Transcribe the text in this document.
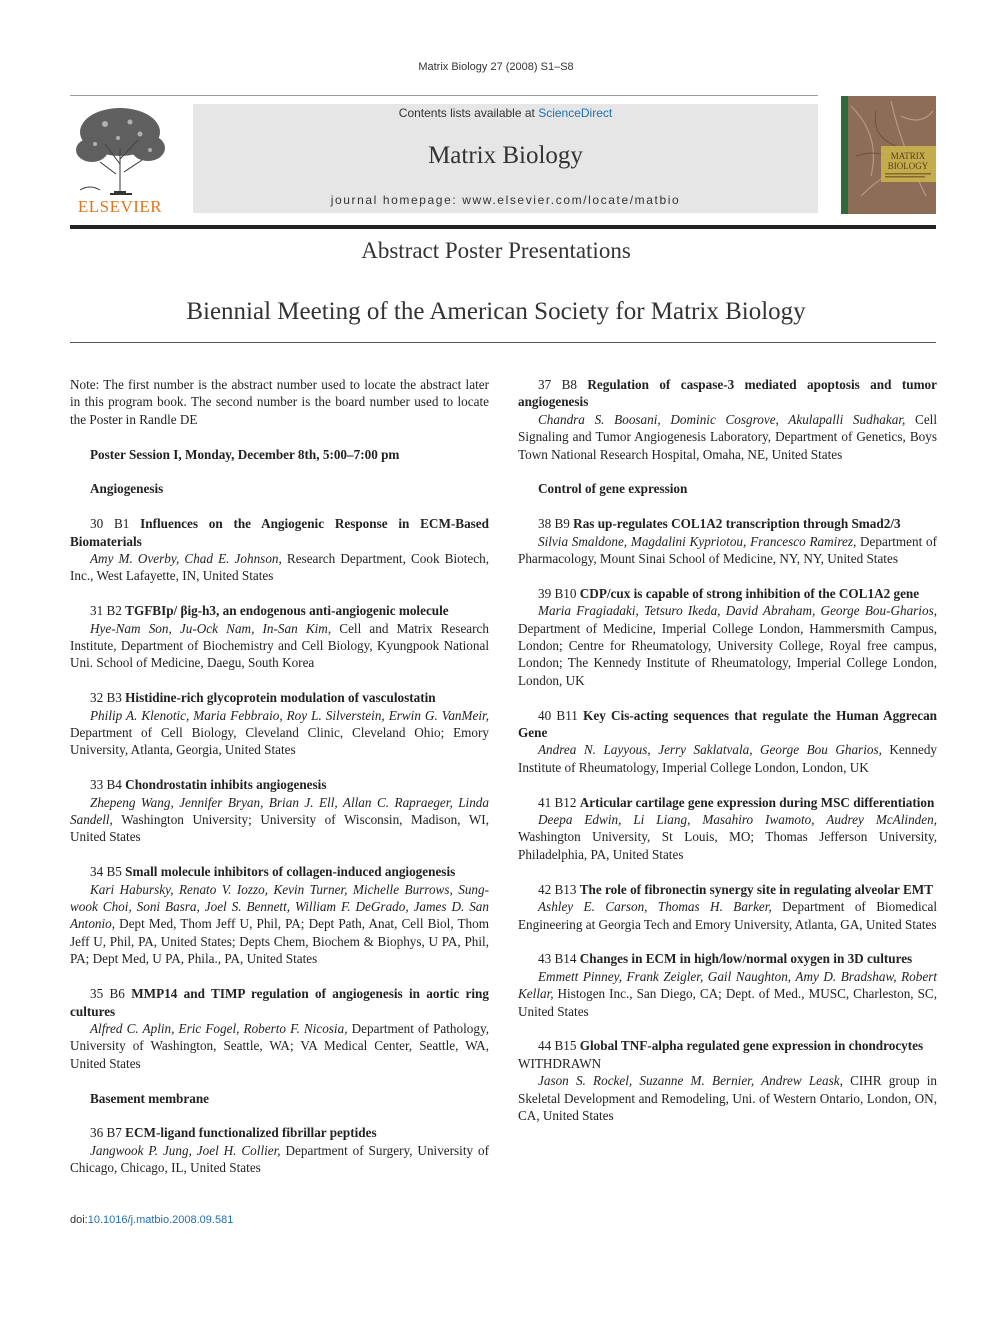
Matrix Biology 27 (2008) S1–S8
ELSEVIER
Contents lists available at ScienceDirect
Matrix Biology
journal homepage: www.elsevier.com/locate/matbio
MATRIX
BIOLOGY
Abstract Poster Presentations
Biennial Meeting of the American Society for Matrix Biology

Note: The first number is the abstract number used to locate the abstract later in this program book. The second number is the board number used to locate the Poster in Randle DE

Poster Session I, Monday, December 8th, 5:00–7:00 pm
Angiogenesis
30 B1 Influences on the Angiogenic Response in ECM-Based Biomaterials
Amy M. Overby, Chad E. Johnson, Research Department, Cook Biotech, Inc., West Lafayette, IN, United States
31 B2 TGFBIp/ βig-h3, an endogenous anti-angiogenic molecule
Hye-Nam Son, Ju-Ock Nam, In-San Kim, Cell and Matrix Research Institute, Department of Biochemistry and Cell Biology, Kyungpook National Uni. School of Medicine, Daegu, South Korea
32 B3 Histidine-rich glycoprotein modulation of vasculostatin
Philip A. Klenotic, Maria Febbraio, Roy L. Silverstein, Erwin G. VanMeir, Department of Cell Biology, Cleveland Clinic, Cleveland Ohio; Emory University, Atlanta, Georgia, United States
33 B4 Chondrostatin inhibits angiogenesis
Zhepeng Wang, Jennifer Bryan, Brian J. Ell, Allan C. Rapraeger, Linda Sandell, Washington University; University of Wisconsin, Madison, WI, United States
34 B5 Small molecule inhibitors of collagen-induced angiogenesis
Kari Habursky, Renato V. Iozzo, Kevin Turner, Michelle Burrows, Sung-wook Choi, Soni Basra, Joel S. Bennett, William F. DeGrado, James D. San Antonio, Dept Med, Thom Jeff U, Phil, PA; Dept Path, Anat, Cell Biol, Thom Jeff U, Phil, PA, United States; Depts Chem, Biochem & Biophys, U PA, Phil, PA; Dept Med, U PA, Phila., PA, United States
35 B6 MMP14 and TIMP regulation of angiogenesis in aortic ring cultures
Alfred C. Aplin, Eric Fogel, Roberto F. Nicosia, Department of Pathology, University of Washington, Seattle, WA; VA Medical Center, Seattle, WA, United States
Basement membrane
36 B7 ECM-ligand functionalized fibrillar peptides
Jangwook P. Jung, Joel H. Collier, Department of Surgery, University of Chicago, Chicago, IL, United States
37 B8 Regulation of caspase-3 mediated apoptosis and tumor angiogenesis
Chandra S. Boosani, Dominic Cosgrove, Akulapalli Sudhakar, Cell Signaling and Tumor Angiogenesis Laboratory, Department of Genetics, Boys Town National Research Hospital, Omaha, NE, United States
Control of gene expression
38 B9 Ras up-regulates COL1A2 transcription through Smad2/3
Silvia Smaldone, Magdalini Kypriotou, Francesco Ramirez, Department of Pharmacology, Mount Sinai School of Medicine, NY, NY, United States
39 B10 CDP/cux is capable of strong inhibition of the COL1A2 gene
Maria Fragiadaki, Tetsuro Ikeda, David Abraham, George Bou-Gharios, Department of Medicine, Imperial College London, Hammersmith Campus, London; Centre for Rheumatology, University College, Royal free campus, London; The Kennedy Institute of Rheumatology, Imperial College London, London, UK
40 B11 Key Cis-acting sequences that regulate the Human Aggrecan Gene
Andrea N. Layyous, Jerry Saklatvala, George Bou Gharios, Kennedy Institute of Rheumatology, Imperial College London, London, UK
41 B12 Articular cartilage gene expression during MSC differentiation
Deepa Edwin, Li Liang, Masahiro Iwamoto, Audrey McAlinden, Washington University, St Louis, MO; Thomas Jefferson University, Philadelphia, PA, United States
42 B13 The role of fibronectin synergy site in regulating alveolar EMT
Ashley E. Carson, Thomas H. Barker, Department of Biomedical Engineering at Georgia Tech and Emory University, Atlanta, GA, United States
43 B14 Changes in ECM in high/low/normal oxygen in 3D cultures
Emmett Pinney, Frank Zeigler, Gail Naughton, Amy D. Bradshaw, Robert Kellar, Histogen Inc., San Diego, CA; Dept. of Med., MUSC, Charleston, SC, United States
44 B15 Global TNF-alpha regulated gene expression in chondrocytes
WITHDRAWN
Jason S. Rockel, Suzanne M. Bernier, Andrew Leask, CIHR group in Skeletal Development and Remodeling, Uni. of Western Ontario, London, ON, CA, United States
doi:10.1016/j.matbio.2008.09.581
